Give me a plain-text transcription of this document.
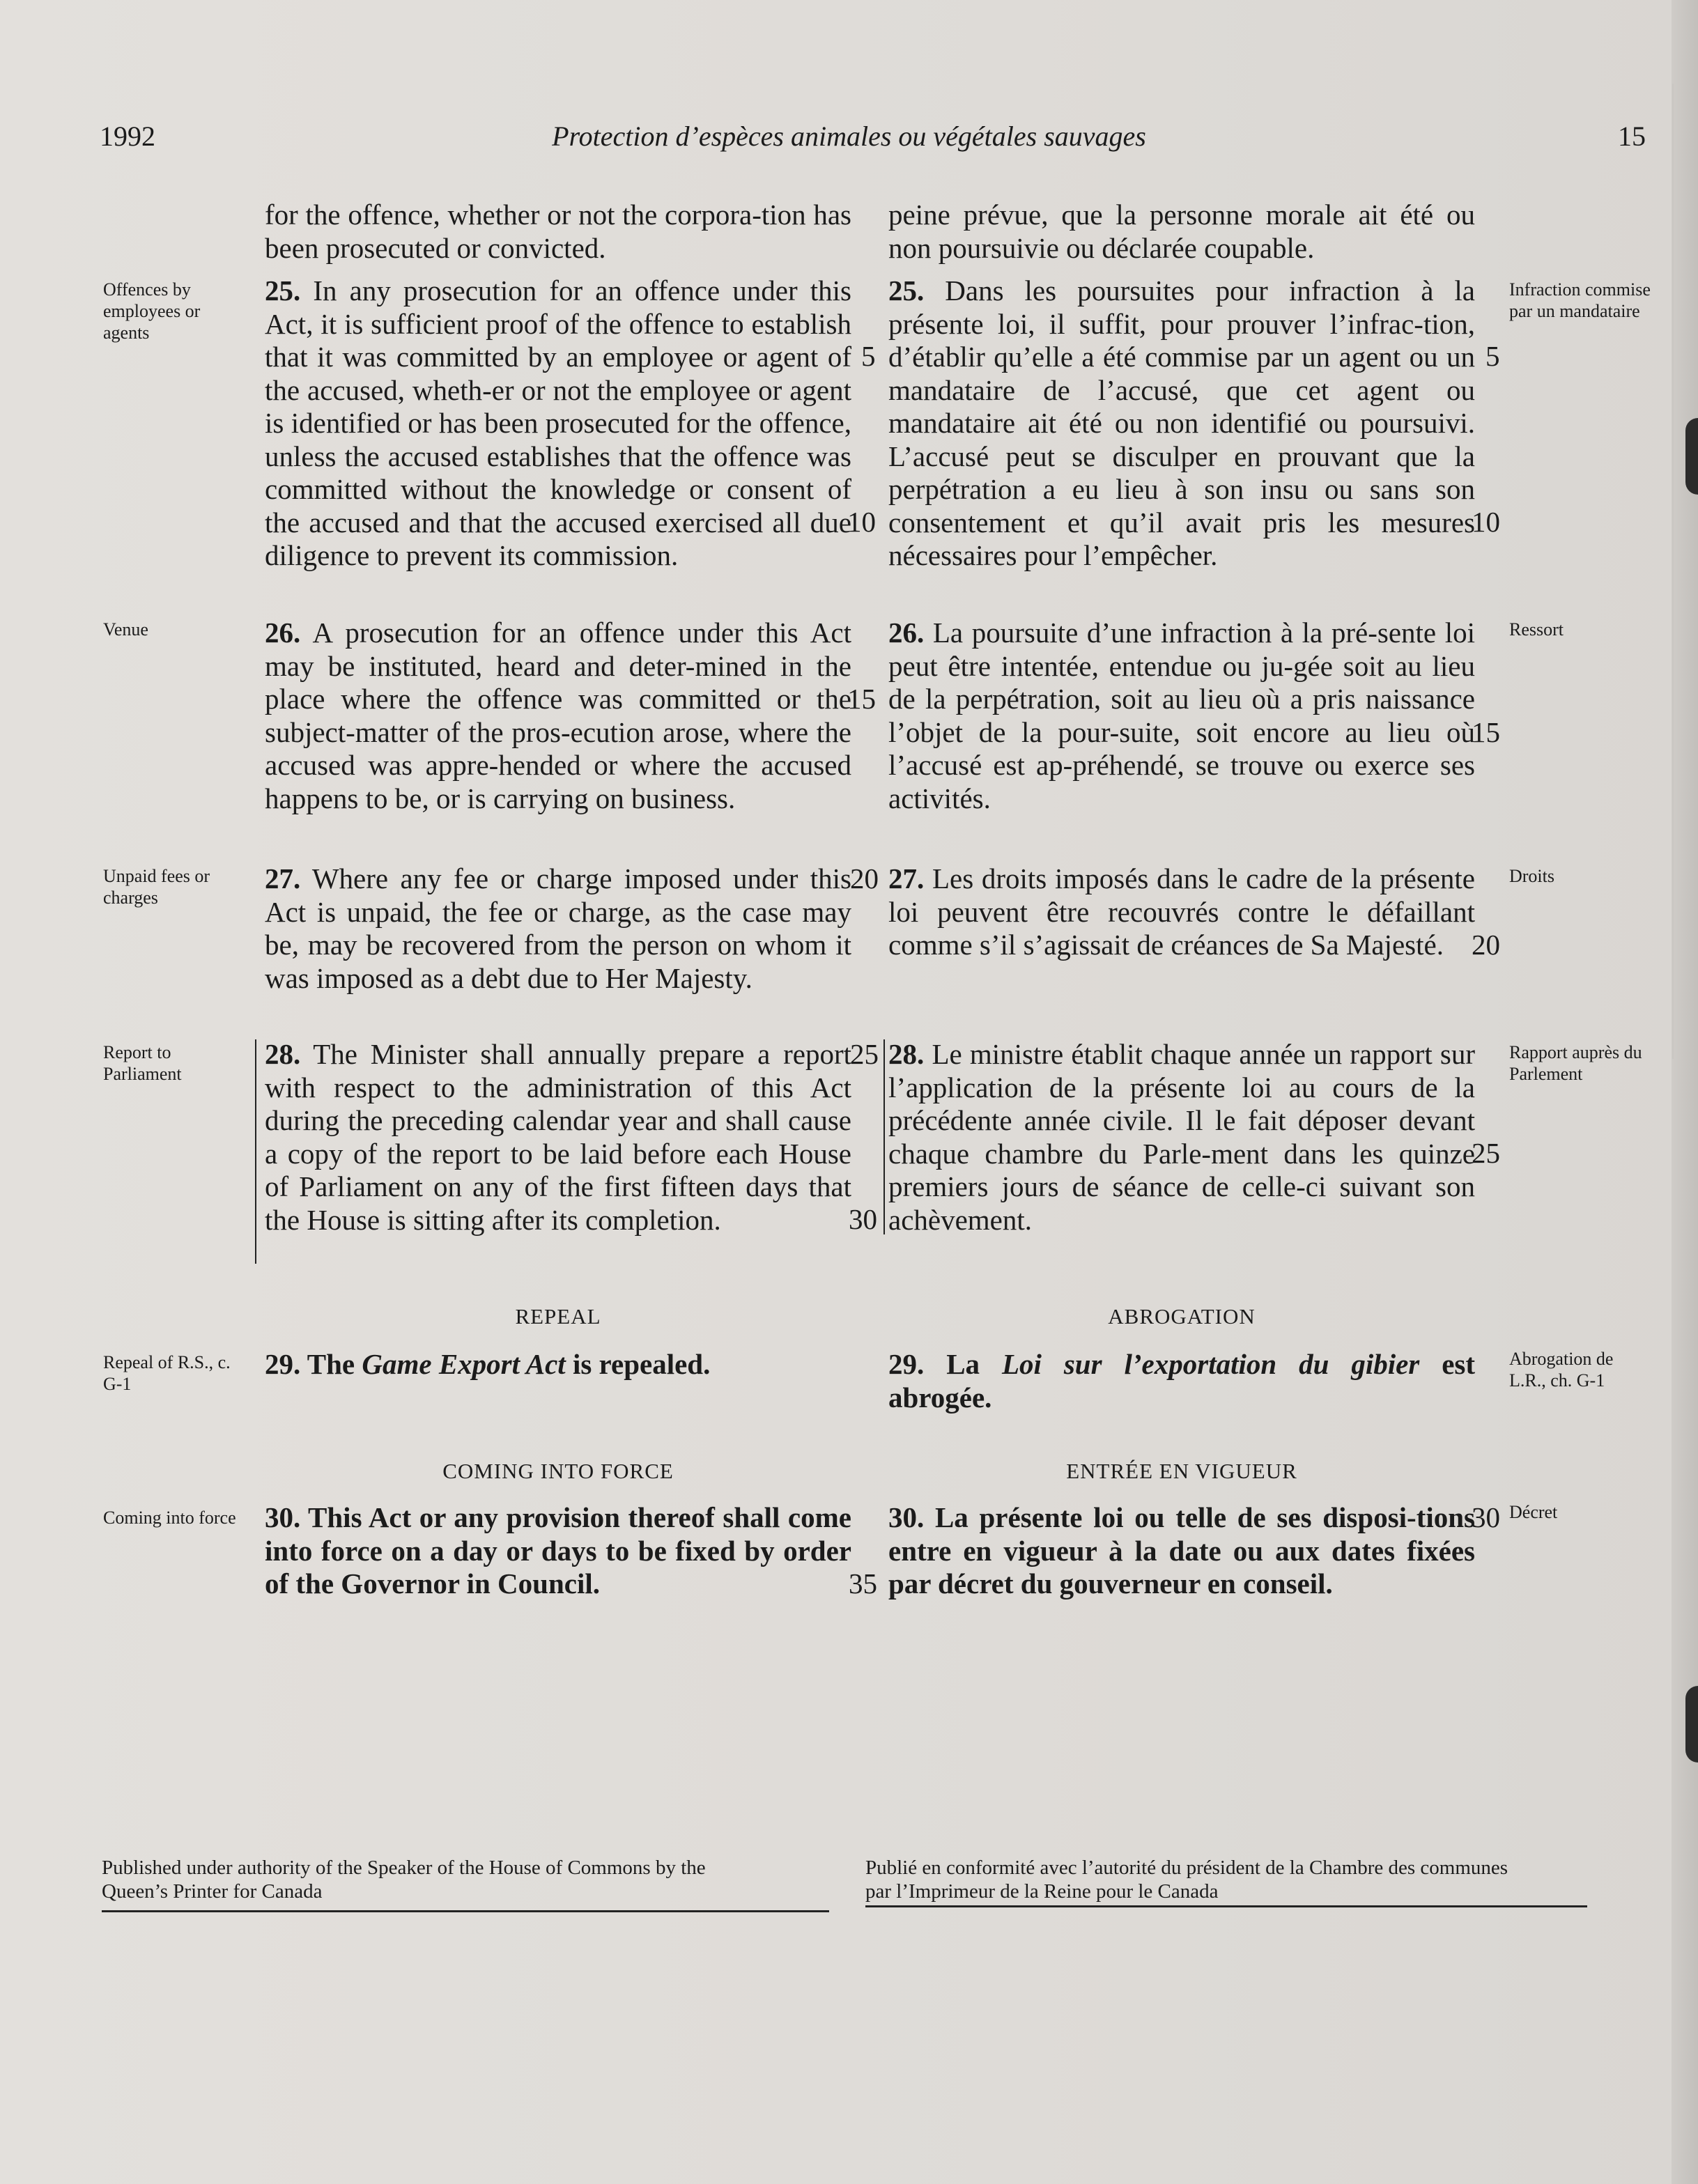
1992	Protection d’espèces animales ou végétales sauvages	15

for the offence, whether or not the corpora-tion has been prosecuted or convicted.

25. In any prosecution for an offence under this Act, it is sufficient proof of the offence to establish that it was committed by an employee or agent of the accused, wheth-er or not the employee or agent is identified or has been prosecuted for the offence, unless the accused establishes that the offence was committed without the knowledge or consent of the accused and that the accused exercised all due diligence to prevent its commission.

26. A prosecution for an offence under this Act may be instituted, heard and deter-mined in the place where the offence was committed or the subject-matter of the pros-ecution arose, where the accused was appre-hended or where the accused happens to be, or is carrying on business.

27. Where any fee or charge imposed under this Act is unpaid, the fee or charge, as the case may be, may be recovered from the person on whom it was imposed as a debt due to Her Majesty.

28. The Minister shall annually prepare a report with respect to the administration of this Act during the preceding calendar year and shall cause a copy of the report to be laid before each House of Parliament on any of the first fifteen days that the House is sitting after its completion.

REPEAL

29. The Game Export Act is repealed.

COMING INTO FORCE

30. This Act or any provision thereof shall come into force on a day or days to be fixed by order of the Governor in Council.

peine prévue, que la personne morale ait été ou non poursuivie ou déclarée coupable.

25. Dans les poursuites pour infraction à la présente loi, il suffit, pour prouver l’infrac-tion, d’établir qu’elle a été commise par un agent ou un mandataire de l’accusé, que cet agent ou mandataire ait été ou non identifié ou poursuivi. L’accusé peut se disculper en prouvant que la perpétration a eu lieu à son insu ou sans son consentement et qu’il avait pris les mesures nécessaires pour l’empêcher.

26. La poursuite d’une infraction à la pré-sente loi peut être intentée, entendue ou ju-gée soit au lieu de la perpétration, soit au lieu où a pris naissance l’objet de la pour-suite, soit encore au lieu où l’accusé est ap-préhendé, se trouve ou exerce ses activités.

27. Les droits imposés dans le cadre de la présente loi peuvent être recouvrés contre le défaillant comme s’il s’agissait de créances de Sa Majesté.

28. Le ministre établit chaque année un rapport sur l’application de la présente loi au cours de la précédente année civile. Il le fait déposer devant chaque chambre du Parle-ment dans les quinze premiers jours de séance de celle-ci suivant son achèvement.

ABROGATION

29. La Loi sur l’exportation du gibier est abrogée.

ENTRÉE EN VIGUEUR

30. La présente loi ou telle de ses disposi-tions entre en vigueur à la date ou aux dates fixées par décret du gouverneur en conseil.

Offences by employees or agents
Venue
Unpaid fees or charges
Report to Parliament
Repeal of R.S., c. G-1
Coming into force
Infraction commise par un mandataire
Ressort
Droits
Rapport auprès du Parlement
Abrogation de L.R., ch. G-1
Décret
5
10
15
20
25
30
35
5
10
15
20
25
30
Published under authority of the Speaker of the House of Commons by the Queen’s Printer for Canada
Publié en conformité avec l’autorité du président de la Chambre des communes par l’Imprimeur de la Reine pour le Canada
